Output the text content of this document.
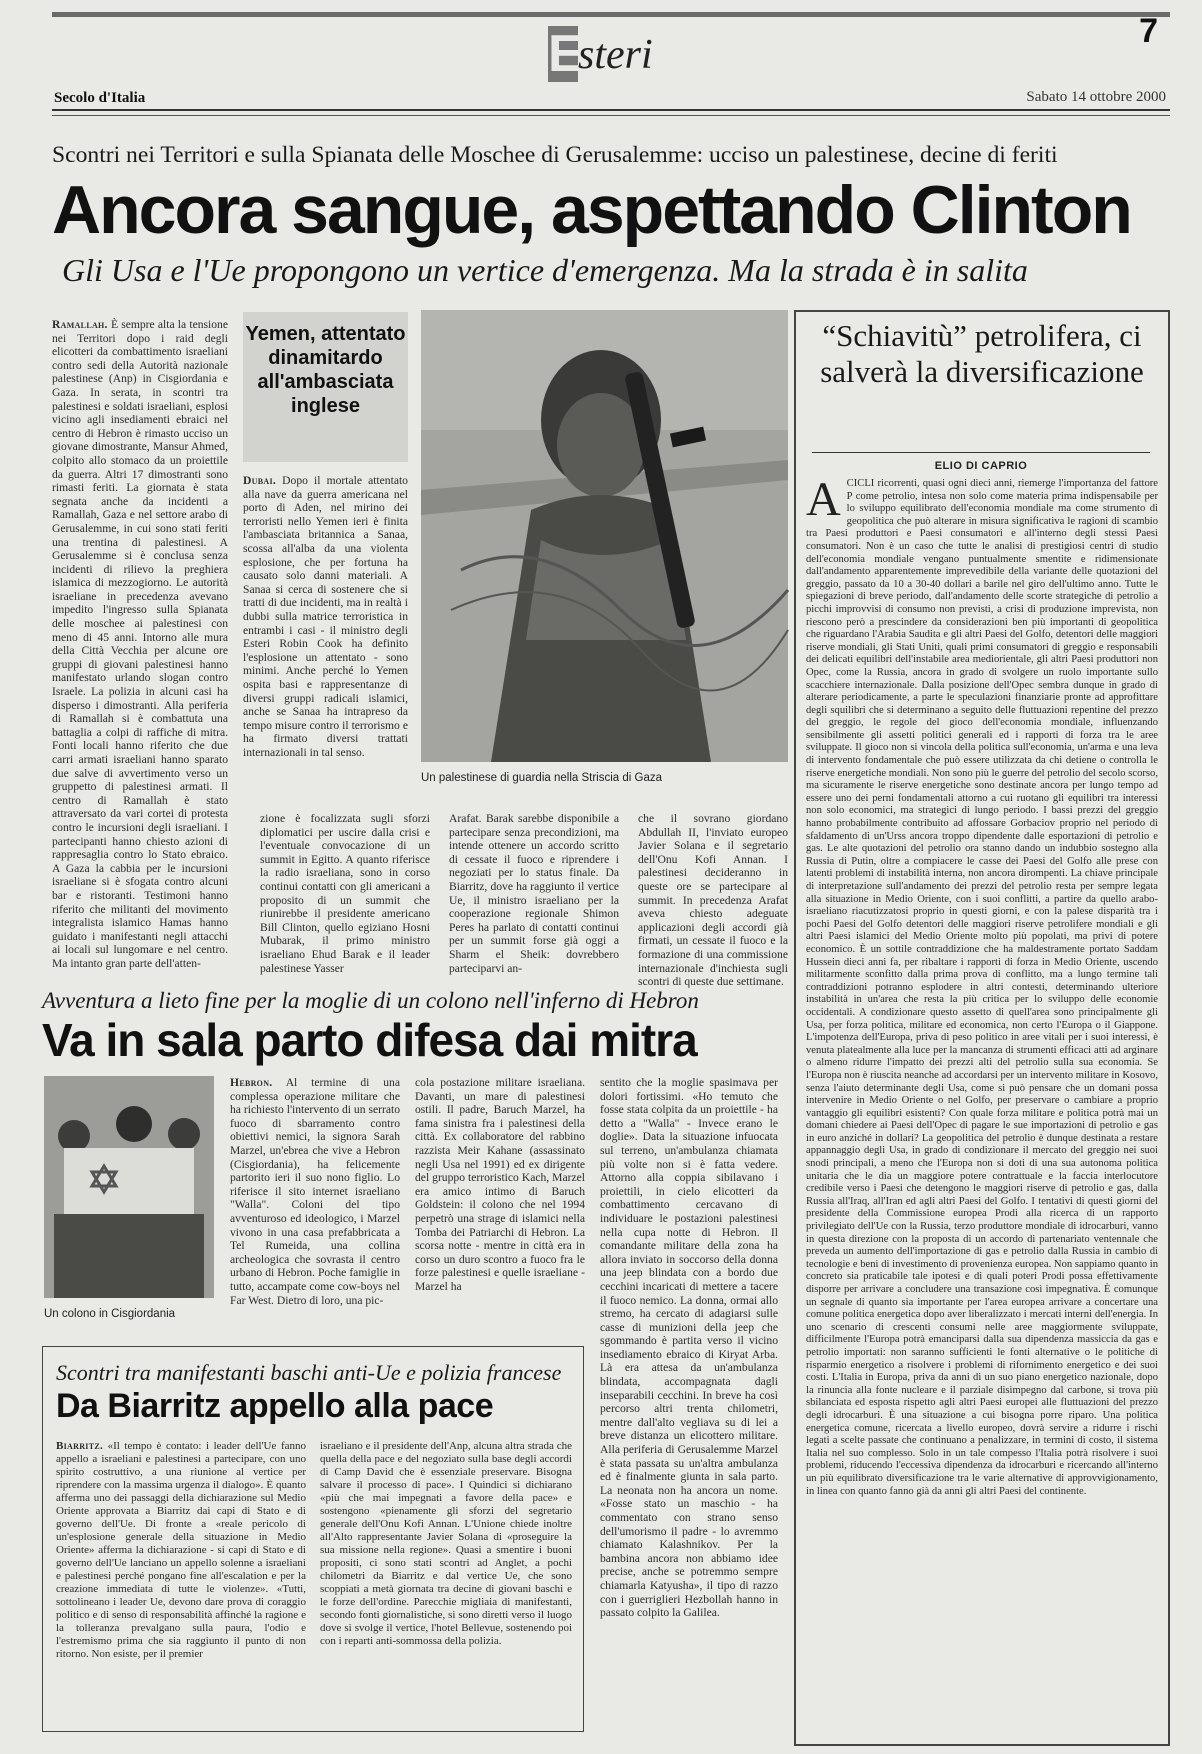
E
steri
7
Secolo d'Italia	Sabato 14 ottobre 2000
Scontri nei Territori e sulla Spianata delle Moschee di Gerusalemme: ucciso un palestinese, decine di feriti
Ancora sangue, aspettando Clinton
Gli Usa e l'Ue propongono un vertice d'emergenza. Ma la strada è in salita

Ramallah. È sempre alta la tensione nei Territori dopo i raid degli elicotteri da combattimento israeliani contro sedi della Autorità nazionale palestinese (Anp) in Cisgiordania e Gaza. In serata, in scontri tra palestinesi e soldati israeliani, esplosi vicino agli insediamenti ebraici nel centro di Hebron è rimasto ucciso un giovane dimostrante, Mansur Ahmed, colpito allo stomaco da un proiettile da guerra. Altri 17 dimostranti sono rimasti feriti. La giornata è stata segnata anche da incidenti a Ramallah, Gaza e nel settore arabo di Gerusalemme, in cui sono stati feriti una trentina di palestinesi. A Gerusalemme si è conclusa senza incidenti di rilievo la preghiera islamica di mezzogiorno. Le autorità israeliane in precedenza avevano impedito l'ingresso sulla Spianata delle moschee ai palestinesi con meno di 45 anni. Intorno alle mura della Città Vecchia per alcune ore gruppi di giovani palestinesi hanno manifestato urlando slogan contro Israele. La polizia in alcuni casi ha disperso i dimostranti. Alla periferia di Ramallah si è combattuta una battaglia a colpi di raffiche di mitra. Fonti locali hanno riferito che due carri armati israeliani hanno sparato due salve di avvertimento verso un gruppetto di palestinesi armati. Il centro di Ramallah è stato attraversato da vari cortei di protesta contro le incursioni degli israeliani. I partecipanti hanno chiesto azioni di rappresaglia contro lo Stato ebraico. A Gaza la cabbia per le incursioni israeliane si è sfogata contro alcuni bar e ristoranti. Testimoni hanno riferito che militanti del movimento integralista islamico Hamas hanno guidato i manifestanti negli attacchi ai locali sul lungomare e nel centro. Ma intanto gran parte dell'atten-

Yemen, attentato dinamitardo all'ambasciata inglese

Dubai. Dopo il mortale attentato alla nave da guerra americana nel porto di Aden, nel mirino dei terroristi nello Yemen ieri è finita l'ambasciata britannica a Sanaa, scossa all'alba da una violenta esplosione, che per fortuna ha causato solo danni materiali. A Sanaa si cerca di sostenere che si tratti di due incidenti, ma in realtà i dubbi sulla matrice terroristica in entrambi i casi - il ministro degli Esteri Robin Cook ha definito l'esplosione un attentato - sono minimi. Anche perché lo Yemen ospita basi e rappresentanze di diversi gruppi radicali islamici, anche se Sanaa ha intrapreso da tempo misure contro il terrorismo e ha firmato diversi trattati internazionali in tal senso.

Un palestinese di guardia nella Striscia di Gaza

zione è focalizzata sugli sforzi diplomatici per uscire dalla crisi e l'eventuale convocazione di un summit in Egitto. A quanto riferisce la radio israeliana, sono in corso continui contatti con gli americani a proposito di un summit che riunirebbe il presidente americano Bill Clinton, quello egiziano Hosni Mubarak, il primo ministro israeliano Ehud Barak e il leader palestinese Yasser

Arafat. Barak sarebbe disponibile a partecipare senza precondizioni, ma intende ottenere un accordo scritto di cessate il fuoco e riprendere i negoziati per lo status finale. Da Biarritz, dove ha raggiunto il vertice Ue, il ministro israeliano per la cooperazione regionale Shimon Peres ha parlato di contatti continui per un summit forse già oggi a Sharm el Sheik: dovrebbero parteciparvi an-

che il sovrano giordano Abdullah II, l'inviato europeo Javier Solana e il segretario dell'Onu Kofi Annan. I palestinesi decideranno in queste ore se partecipare al summit. In precedenza Arafat aveva chiesto adeguate applicazioni degli accordi già firmati, un cessate il fuoco e la formazione di una commissione internazionale d'inchiesta sugli scontri di queste due settimane.

“Schiavitù” petrolifera, ci salverà la diversificazione
ELIO DI CAPRIO

ACICLI ricorrenti, quasi ogni dieci anni, riemerge l'importanza del fattore P come petrolio, intesa non solo come materia prima indispensabile per lo sviluppo equilibrato dell'economia mondiale ma come strumento di geopolitica che può alterare in misura significativa le ragioni di scambio tra Paesi produttori e Paesi consumatori e all'interno degli stessi Paesi consumatori. Non è un caso che tutte le analisi di prestigiosi centri di studio dell'economia mondiale vengano puntualmente smentite e ridimensionate dall'andamento apparentemente imprevedibile della variante delle quotazioni del greggio, passato da 10 a 30-40 dollari a barile nel giro dell'ultimo anno. Tutte le spiegazioni di breve periodo, dall'andamento delle scorte strategiche di petrolio a picchi improvvisi di consumo non previsti, a crisi di produzione imprevista, non riescono però a prescindere da considerazioni ben più importanti di geopolitica che riguardano l'Arabia Saudita e gli altri Paesi del Golfo, detentori delle maggiori riserve mondiali, gli Stati Uniti, quali primi consumatori di greggio e responsabili dei delicati equilibri dell'instabile area mediorientale, gli altri Paesi produttori non Opec, come la Russia, ancora in grado di svolgere un ruolo importante sullo scacchiere internazionale. Dalla posizione dell'Opec sembra dunque in grado di alterare periodicamente, a parte le speculazioni finanziarie pronte ad approfittare degli squilibri che si determinano a seguito delle fluttuazioni repentine del prezzo del greggio, le regole del gioco dell'economia mondiale, influenzando sensibilmente gli assetti politici generali ed i rapporti di forza tra le aree sviluppate. Il gioco non si vincola della politica sull'economia, un'arma e una leva di intervento fondamentale che può essere utilizzata da chi detiene o controlla le riserve energetiche mondiali. Non sono più le guerre del petrolio del secolo scorso, ma sicuramente le riserve energetiche sono destinate ancora per lungo tempo ad essere uno dei perni fondamentali attorno a cui ruotano gli equilibri tra interessi non solo economici, ma strategici di lungo periodo. I bassi prezzi del greggio hanno probabilmente contribuito ad affossare Gorbaciov proprio nel periodo di sfaldamento di un'Urss ancora troppo dipendente dalle esportazioni di petrolio e gas. Le alte quotazioni del petrolio ora stanno dando un indubbio sostegno alla Russia di Putin, oltre a compiacere le casse dei Paesi del Golfo alle prese con latenti problemi di instabilità interna, non ancora dirompenti. La chiave principale di interpretazione sull'andamento dei prezzi del petrolio resta per sempre legata alla situazione in Medio Oriente, con i suoi conflitti, a partire da quello arabo-israeliano riacutizzatosi proprio in questi giorni, e con la palese disparità tra i pochi Paesi del Golfo detentori delle maggiori riserve petrolifere mondiali e gli altri Paesi islamici del Medio Oriente molto più popolati, ma privi di potere economico. È un sottile contraddizione che ha maldestramente portato Saddam Hussein dieci anni fa, per ribaltare i rapporti di forza in Medio Oriente, uscendo militarmente sconfitto dalla prima prova di conflitto, ma a lungo termine tali contraddizioni potranno esplodere in altri contesti, determinando ulteriore instabilità in un'area che resta la più critica per lo sviluppo delle economie occidentali. A condizionare questo assetto di quell'area sono principalmente gli Usa, per forza politica, militare ed economica, non certo l'Europa o il Giappone. L'impotenza dell'Europa, priva di peso politico in aree vitali per i suoi interessi, è venuta platealmente alla luce per la mancanza di strumenti efficaci atti ad arginare o almeno ridurre l'impatto dei prezzi alti del petrolio sulla sua economia. Se l'Europa non è riuscita neanche ad accordarsi per un intervento militare in Kosovo, senza l'aiuto determinante degli Usa, come si può pensare che un domani possa intervenire in Medio Oriente o nel Golfo, per preservare o cambiare a proprio vantaggio gli equilibri esistenti? Con quale forza militare e politica potrà mai un domani chiedere ai Paesi dell'Opec di pagare le sue importazioni di petrolio e gas in euro anziché in dollari? La geopolitica del petrolio è dunque destinata a restare appannaggio degli Usa, in grado di condizionare il mercato del greggio nei suoi snodi principali, a meno che l'Europa non si doti di una sua autonoma politica unitaria che le dia un maggiore potere contrattuale e la faccia interlocutore credibile verso i Paesi che detengono le maggiori riserve di petrolio e gas, dalla Russia all'Iraq, all'Iran ed agli altri Paesi del Golfo. I tentativi di questi giorni del presidente della Commissione europea Prodi alla ricerca di un rapporto privilegiato dell'Ue con la Russia, terzo produttore mondiale di idrocarburi, vanno in questa direzione con la proposta di un accordo di partenariato ventennale che preveda un aumento dell'importazione di gas e petrolio dalla Russia in cambio di tecnologie e beni di investimento di provenienza europea. Non sappiamo quanto in concreto sia praticabile tale ipotesi e di quali poteri Prodi possa effettivamente disporre per arrivare a concludere una transazione così impegnativa. È comunque un segnale di quanto sia importante per l'area europea arrivare a concertare una comune politica energetica dopo aver liberalizzato i mercati interni dell'energia. In uno scenario di crescenti consumi nelle aree maggiormente sviluppate, difficilmente l'Europa potrà emanciparsi dalla sua dipendenza massiccia da gas e petrolio importati: non saranno sufficienti le fonti alternative o le politiche di risparmio energetico a risolvere i problemi di rifornimento energetico e dei suoi costi. L'Italia in Europa, priva da anni di un suo piano energetico nazionale, dopo la rinuncia alla fonte nucleare e il parziale disimpegno dal carbone, si trova più sbilanciata ed esposta rispetto agli altri Paesi europei alle fluttuazioni del prezzo degli idrocarburi. È una situazione a cui bisogna porre riparo. Una politica energetica comune, ricercata a livello europeo, dovrà servire a ridurre i rischi legati a scelte passate che continuano a penalizzare, in termini di costo, il sistema Italia nel suo complesso. Solo in un tale compesso l'Italia potrà risolvere i suoi problemi, riducendo l'eccessiva dipendenza da idrocarburi e ricercando all'interno un più equilibrato diversificazione tra le varie alternative di approvvigionamento, in linea con quanto fanno già da anni gli altri Paesi del continente.

Avventura a lieto fine per la moglie di un colono nell'inferno di Hebron
Va in sala parto difesa dai mitra
Un colono in Cisgiordania

Hebron. Al termine di una complessa operazione militare che ha richiesto l'intervento di un serrato fuoco di sbarramento contro obiettivi nemici, la signora Sarah Marzel, un'ebrea che vive a Hebron (Cisgiordania), ha felicemente partorito ieri il suo nono figlio. Lo riferisce il sito internet israeliano "Walla". Coloni del tipo avventuroso ed ideologico, i Marzel vivono in una casa prefabbricata a Tel Rumeida, una collina archeologica che sovrasta il centro urbano di Hebron. Poche famiglie in tutto, accampate come cow-boys nel Far West. Dietro di loro, una pic-

cola postazione militare israeliana. Davanti, un mare di palestinesi ostili. Il padre, Baruch Marzel, ha fama sinistra fra i palestinesi della città. Ex collaboratore del rabbino razzista Meir Kahane (assassinato negli Usa nel 1991) ed ex dirigente del gruppo terroristico Kach, Marzel era amico intimo di Baruch Goldstein: il colono che nel 1994 perpetrò una strage di islamici nella Tomba dei Patriarchi di Hebron. La scorsa notte - mentre in città era in corso un duro scontro a fuoco fra le forze palestinesi e quelle israeliane - Marzel ha

sentito che la moglie spasimava per dolori fortissimi. «Ho temuto che fosse stata colpita da un proiettile - ha detto a "Walla" - Invece erano le doglie». Data la situazione infuocata sul terreno, un'ambulanza chiamata più volte non si è fatta vedere. Attorno alla coppia sibilavano i proiettili, in cielo elicotteri da combattimento cercavano di individuare le postazioni palestinesi nella cupa notte di Hebron. Il comandante militare della zona ha allora inviato in soccorso della donna una jeep blindata con a bordo due cecchini incaricati di mettere a tacere il fuoco nemico. La donna, ormai allo stremo, ha cercato di adagiarsi sulle casse di munizioni della jeep che sgommando è partita verso il vicino insediamento ebraico di Kiryat Arba. Là era attesa da un'ambulanza blindata, accompagnata dagli inseparabili cecchini. In breve ha così percorso altri trenta chilometri, mentre dall'alto vegliava su di lei a breve distanza un elicottero militare. Alla periferia di Gerusalemme Marzel è stata passata su un'altra ambulanza ed è finalmente giunta in sala parto. La neonata non ha ancora un nome. «Fosse stato un maschio - ha commentato con strano senso dell'umorismo il padre - lo avremmo chiamato Kalashnikov. Per la bambina ancora non abbiamo idee precise, anche se potremmo sempre chiamarla Katyusha», il tipo di razzo con i guerriglieri Hezbollah hanno in passato colpito la Galilea.

Scontri tra manifestanti baschi anti-Ue e polizia francese
Da Biarritz appello alla pace

Biarritz. «Il tempo è contato: i leader dell'Ue fanno appello a israeliani e palestinesi a partecipare, con uno spirito costruttivo, a una riunione al vertice per riprendere con la massima urgenza il dialogo». È quanto afferma uno dei passaggi della dichiarazione sul Medio Oriente approvata a Biarritz dai capi di Stato e di governo dell'Ue. Di fronte a «reale pericolo di un'esplosione generale della situazione in Medio Oriente» afferma la dichiarazione - si capi di Stato e di governo dell'Ue lanciano un appello solenne a israeliani e palestinesi perché pongano fine all'escalation e per la creazione immediata di tutte le violenze». «Tutti, sottolineano i leader Ue, devono dare prova di coraggio politico e di senso di responsabilità affinché la ragione e la tolleranza prevalgano sulla paura, l'odio e l'estremismo prima che sia raggiunto il punto di non ritorno. Non esiste, per il premier

israeliano e il presidente dell'Anp, alcuna altra strada che quella della pace e del negoziato sulla base degli accordi di Camp David che è essenziale preservare. Bisogna salvare il processo di pace». I Quindici si dichiarano «più che mai impegnati a favore della pace» e sostengono «pienamente gli sforzi del segretario generale dell'Onu Kofi Annan. L'Unione chiede inoltre all'Alto rappresentante Javier Solana di «proseguire la sua missione nella regione». Quasi a smentire i buoni propositi, ci sono stati scontri ad Anglet, a pochi chilometri da Biarritz e dal vertice Ue, che sono scoppiati a metà giornata tra decine di giovani baschi e le forze dell'ordine. Parecchie migliaia di manifestanti, secondo fonti giornalistiche, si sono diretti verso il luogo dove si svolge il vertice, l'hotel Bellevue, sostenendo poi con i reparti anti-sommossa della polizia.
